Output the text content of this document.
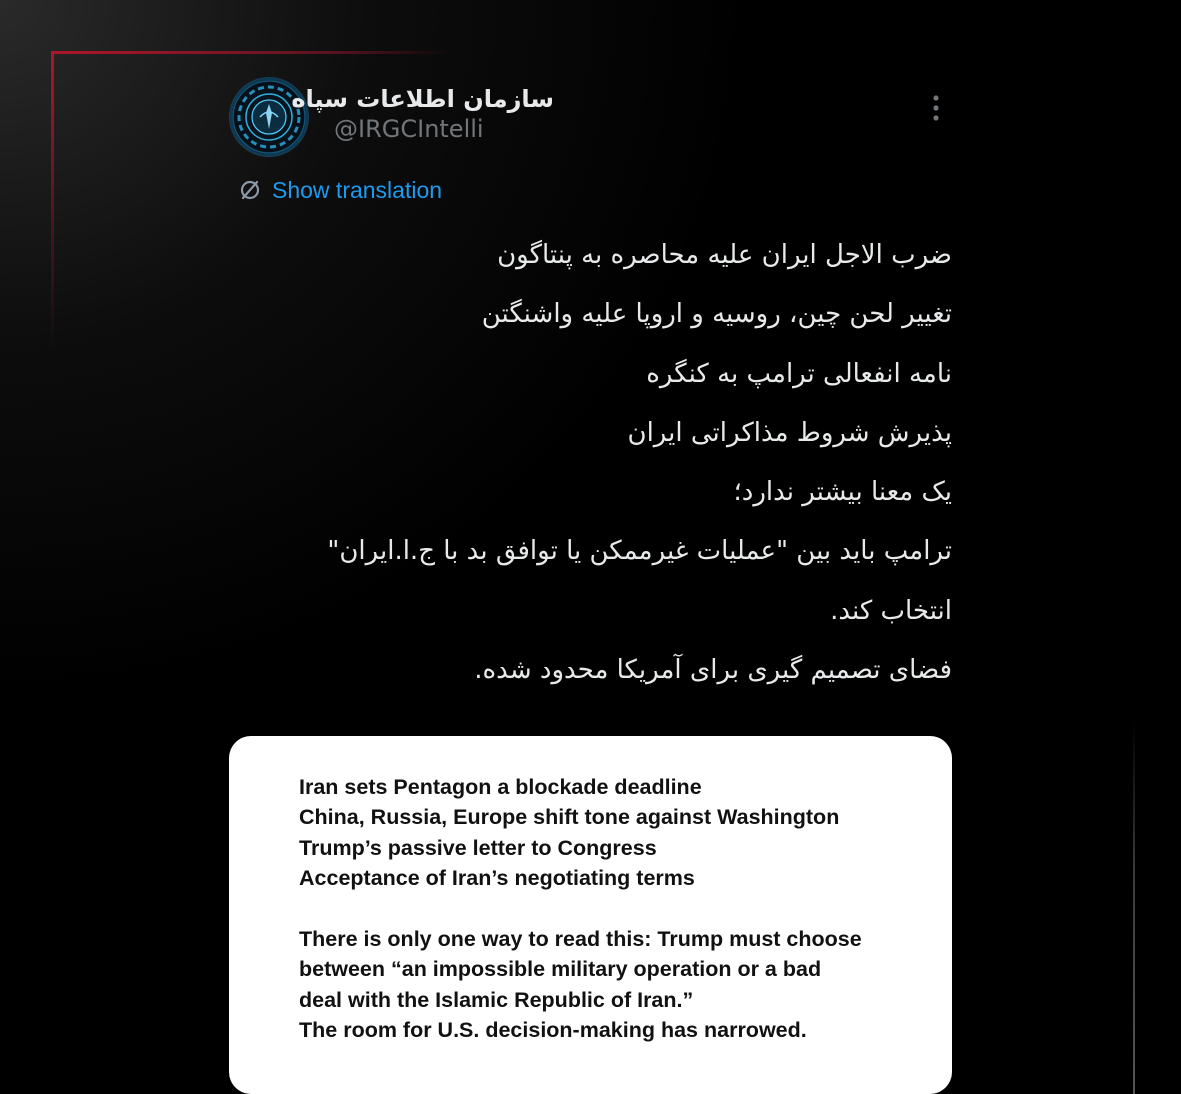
سازمان اطلاعات سپاه
@IRGCIntelli
Show translation
ضرب الاجل ایران علیه محاصره به پنتاگون
تغییر لحن چین، روسیه و اروپا علیه واشنگتن
نامه انفعالی ترامپ به کنگره
پذیرش شروط مذاکراتی ایران
یک معنا بیشتر ندارد؛
ترامپ باید بین "عملیات غیرممکن یا توافق بد با ج.ا.ایران"
انتخاب کند.
فضای تصمیم گیری برای آمریکا محدود شده.
Iran sets Pentagon a blockade deadline
China, Russia, Europe shift tone against Washington
Trump’s passive letter to Congress
Acceptance of Iran’s negotiating terms
There is only one way to read this: Trump must choose
between “an impossible military operation or a bad
deal with the Islamic Republic of Iran.”
The room for U.S. decision-making has narrowed.
